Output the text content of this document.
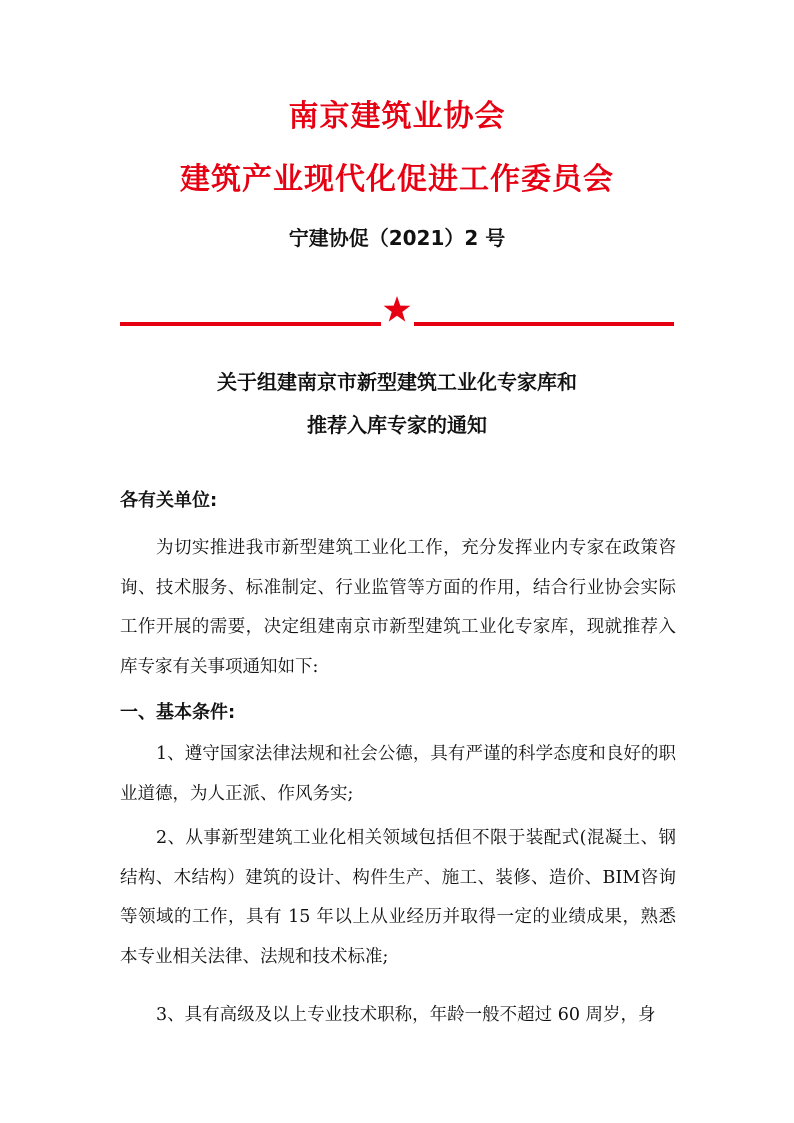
南京建筑业协会
建筑产业现代化促进工作委员会
宁建协促（2021）2 号
关于组建南京市新型建筑工业化专家库和
推荐入库专家的通知
各有关单位:

为切实推进我市新型建筑工业化工作，充分发挥业内专家在政策咨询、技术服务、标准制定、行业监管等方面的作用，结合行业协会实际工作开展的需要，决定组建南京市新型建筑工业化专家库，现就推荐入库专家有关事项通知如下:

一、基本条件:

1、遵守国家法律法规和社会公德，具有严谨的科学态度和良好的职业道德，为人正派、作风务实;

2、从事新型建筑工业化相关领域包括但不限于装配式(混凝土、钢结构、木结构）建筑的设计、构件生产、施工、装修、造价、BIM咨询等领域的工作，具有 15 年以上从业经历并取得一定的业绩成果，熟悉本专业相关法律、法规和技术标准;

3、具有高级及以上专业技术职称，年龄一般不超过 60 周岁，身
